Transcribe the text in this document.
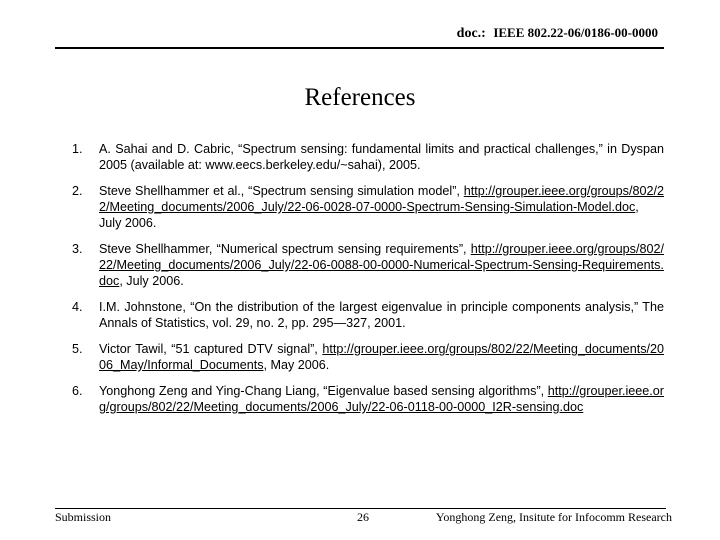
doc.: IEEE 802.22-06/0186-00-0000
References
1.	A. Sahai and D. Cabric, “Spectrum sensing: fundamental limits and practical challenges,” in Dyspan 2005 (available at: www.eecs.berkeley.edu/~sahai), 2005.
2.	Steve Shellhammer et al., “Spectrum sensing simulation model”, http://grouper.ieee.org/groups/802/22/Meeting_documents/2006_July/22-06-0028-07-0000-Spectrum-Sensing-Simulation-Model.doc, July 2006.
3.	Steve Shellhammer, “Numerical spectrum sensing requirements”, http://grouper.ieee.org/groups/802/22/Meeting_documents/2006_July/22-06-0088-00-0000-Numerical-Spectrum-Sensing-Requirements.doc, July 2006.
4.	I.M. Johnstone, “On the distribution of the largest eigenvalue in principle components analysis,” The Annals of Statistics, vol. 29, no. 2, pp. 295—327, 2001.
5.	Victor Tawil, “51 captured DTV signal”, http://grouper.ieee.org/groups/802/22/Meeting_documents/2006_May/Informal_Documents, May 2006.
6.	Yonghong Zeng and Ying-Chang Liang, “Eigenvalue based sensing algorithms”, http://grouper.ieee.org/groups/802/22/Meeting_documents/2006_July/22-06-0118-00-0000_I2R-sensing.doc
Submission	26	Yonghong Zeng, Insitute for Infocomm Research
